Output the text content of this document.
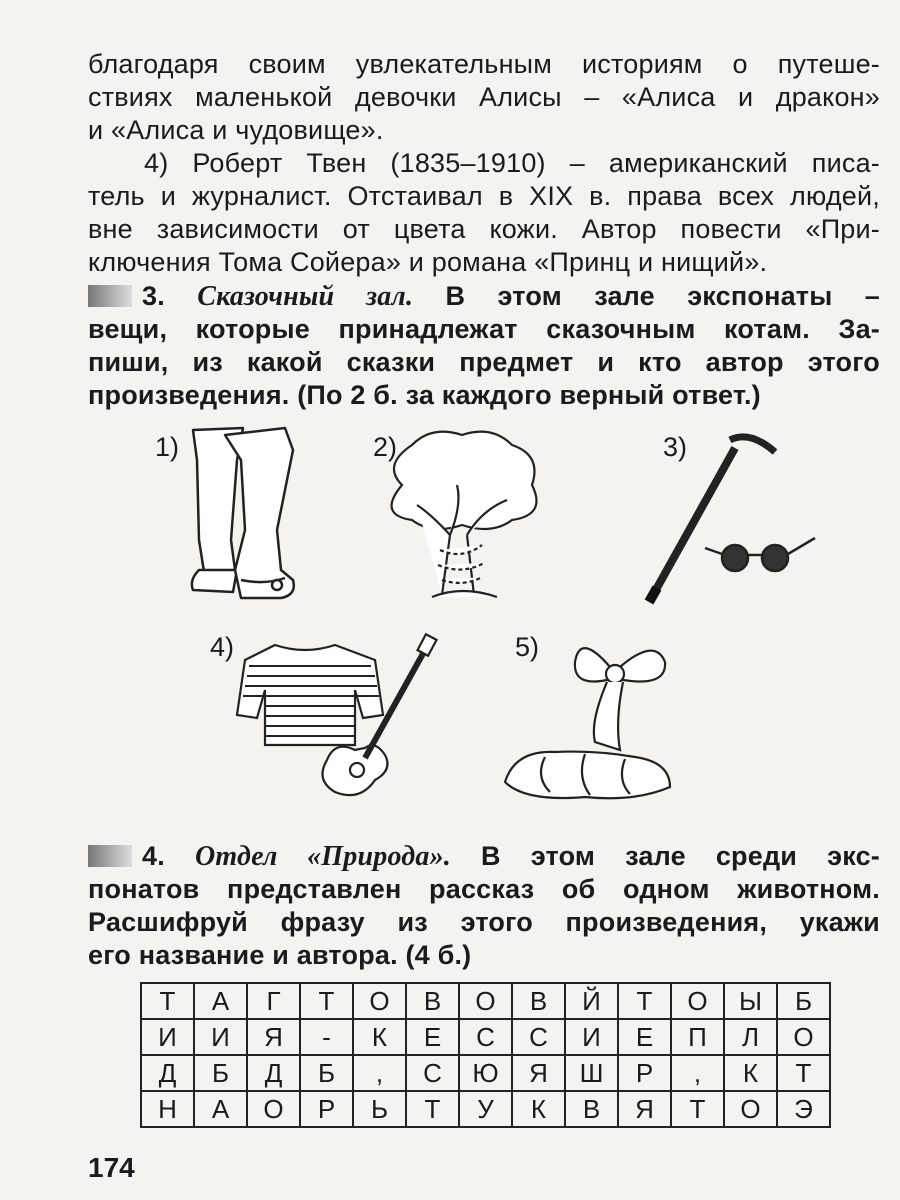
благодаря своим увлекательным историям о путеше-
ствиях маленькой девочки Алисы – «Алиса и дракон»
и «Алиса и чудовище».
4) Роберт Твен (1835–1910) – американский писа-
тель и журналист. Отстаивал в XIX в. права всех людей,
вне зависимости от цвета кожи. Автор повести «При-
ключения Тома Сойера» и романа «Принц и нищий».
3. Сказочный зал. В этом зале экспонаты –
вещи, которые принадлежат сказочным котам. За-
пиши, из какой сказки предмет и кто автор этого
произведения. (По 2 б. за каждого верный ответ.)
1)	2)	3)
4)	5)
4. Отдел «Природа». В этом зале среди экс-
понатов представлен рассказ об одном животном.
Расшифруй фразу из этого произведения, укажи
его название и автора. (4 б.)
Т	А	Г	Т	О	В	О	В	Й	Т	О	Ы	Б
И	И	Я	-	К	Е	С	С	И	Е	П	Л	О
Д	Б	Д	Б	,	С	Ю	Я	Ш	Р	,	К	Т
Н	А	О	Р	Ь	Т	У	К	В	Я	Т	О	Э
174
